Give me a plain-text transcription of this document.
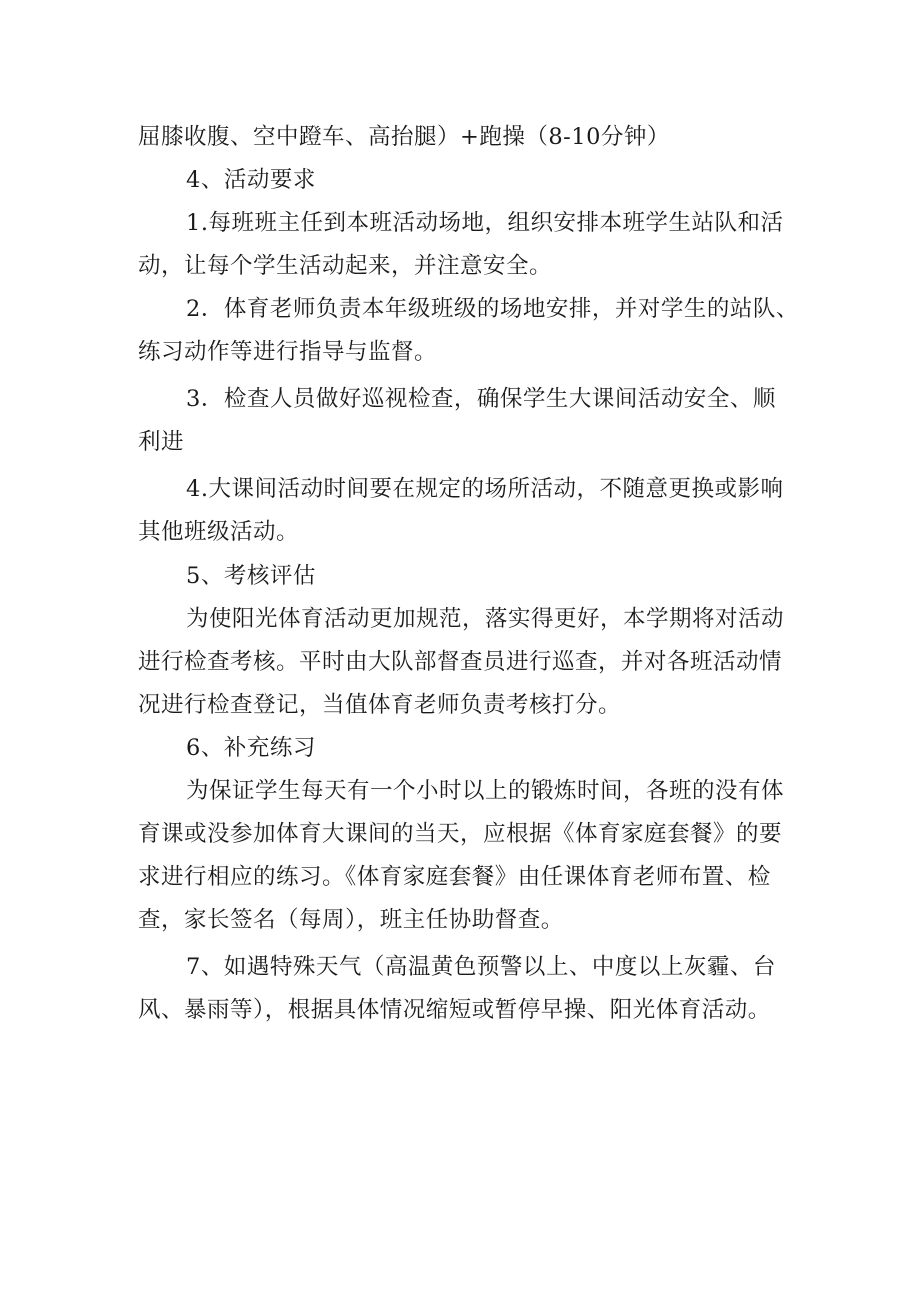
屈膝收腹、空中蹬车、高抬腿）+跑操（8-10分钟）
4、活动要求
1.每班班主任到本班活动场地，组织安排本班学生站队和活
动，让每个学生活动起来，并注意安全。
2．体育老师负责本年级班级的场地安排，并对学生的站队、
练习动作等进行指导与监督。
3．检查人员做好巡视检查，确保学生大课间活动安全、顺
利进
4.大课间活动时间要在规定的场所活动，不随意更换或影响
其他班级活动。
5、考核评估
为使阳光体育活动更加规范，落实得更好，本学期将对活动
进行检查考核。平时由大队部督查员进行巡查，并对各班活动情
况进行检查登记，当值体育老师负责考核打分。
6、补充练习
为保证学生每天有一个小时以上的锻炼时间，各班的没有体
育课或没参加体育大课间的当天，应根据《体育家庭套餐》的要
求进行相应的练习。《体育家庭套餐》由任课体育老师布置、检
查，家长签名（每周），班主任协助督查。
7、如遇特殊天气（高温黄色预警以上、中度以上灰霾、台
风、暴雨等），根据具体情况缩短或暂停早操、阳光体育活动。
